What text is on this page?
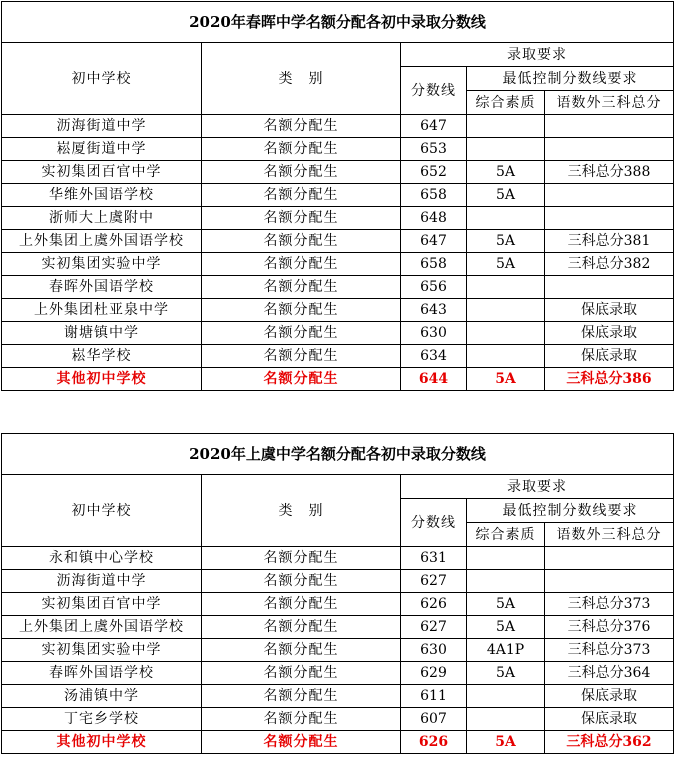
2020年春晖中学名额分配各初中录取分数线				
初中学校	类　别	录取要求		
		分数线	最低控制分数线要求	
			综合素质	语数外三科总分
沥海街道中学	名额分配生	647		
崧厦街道中学	名额分配生	653		
实初集团百官中学	名额分配生	652	5A	三科总分388
华维外国语学校	名额分配生	658	5A	
浙师大上虞附中	名额分配生	648		
上外集团上虞外国语学校	名额分配生	647	5A	三科总分381
实初集团实验中学	名额分配生	658	5A	三科总分382
春晖外国语学校	名额分配生	656		
上外集团杜亚泉中学	名额分配生	643		保底录取
谢塘镇中学	名额分配生	630		保底录取
崧华学校	名额分配生	634		保底录取
其他初中学校	名额分配生	644	5A	三科总分386
2020年上虞中学名额分配各初中录取分数线				
初中学校	类　别	录取要求		
		分数线	最低控制分数线要求	
			综合素质	语数外三科总分
永和镇中心学校	名额分配生	631		
沥海街道中学	名额分配生	627		
实初集团百官中学	名额分配生	626	5A	三科总分373
上外集团上虞外国语学校	名额分配生	627	5A	三科总分376
实初集团实验中学	名额分配生	630	4A1P	三科总分373
春晖外国语学校	名额分配生	629	5A	三科总分364
汤浦镇中学	名额分配生	611		保底录取
丁宅乡学校	名额分配生	607		保底录取
其他初中学校	名额分配生	626	5A	三科总分362
